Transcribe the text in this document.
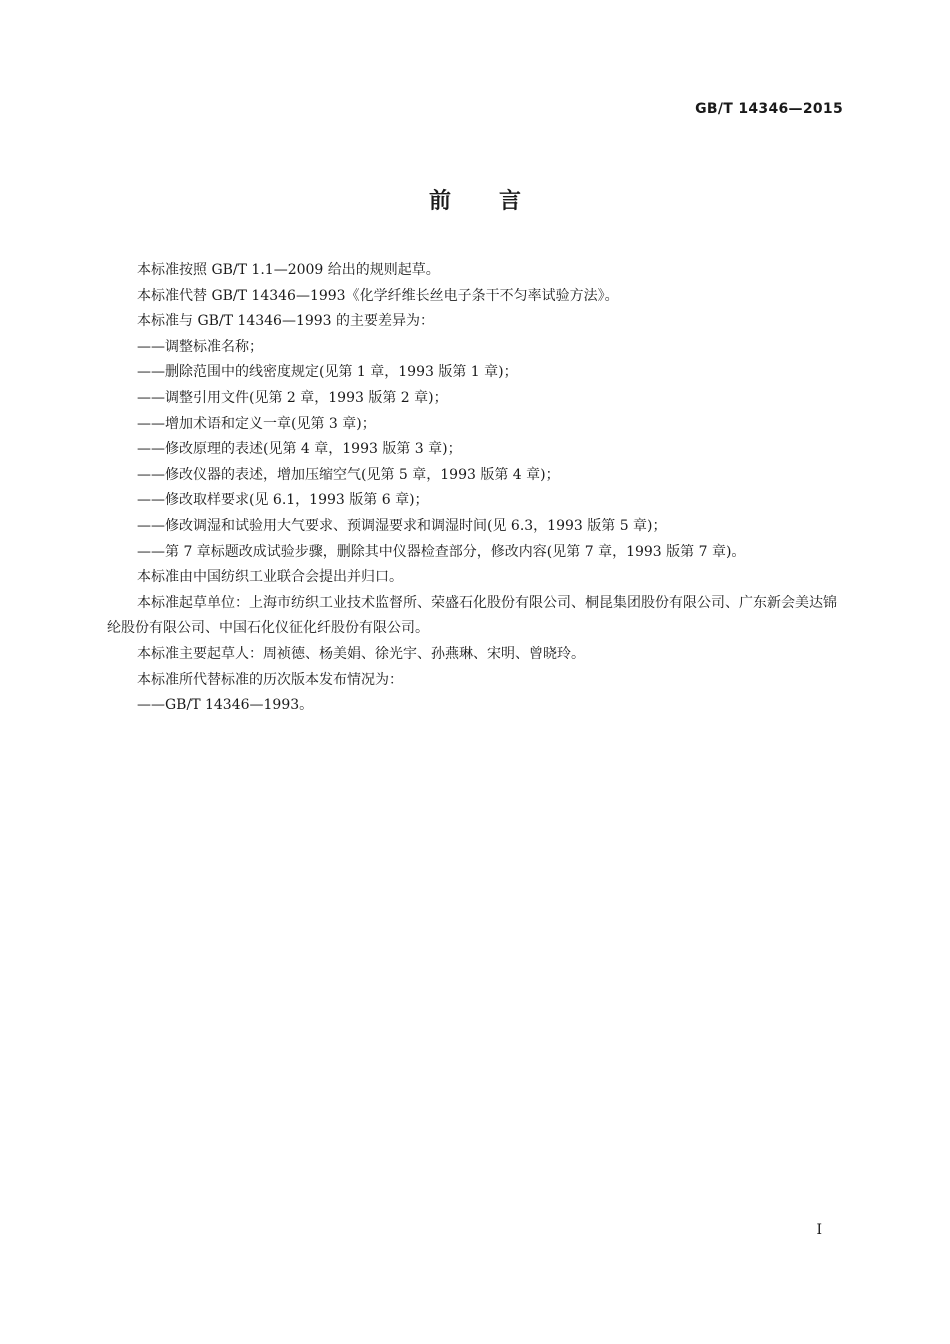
GB/T 14346—2015
前言

本标准按照 GB/T 1.1—2009 给出的规则起草。

本标准代替 GB/T 14346—1993《化学纤维长丝电子条干不匀率试验方法》。

本标准与 GB/T 14346—1993 的主要差异为：

——调整标准名称；

——删除范围中的线密度规定(见第 1 章，1993 版第 1 章)；

——调整引用文件(见第 2 章，1993 版第 2 章)；

——增加术语和定义一章(见第 3 章)；

——修改原理的表述(见第 4 章，1993 版第 3 章)；

——修改仪器的表述，增加压缩空气(见第 5 章，1993 版第 4 章)；

——修改取样要求(见 6.1，1993 版第 6 章)；

——修改调湿和试验用大气要求、预调湿要求和调湿时间(见 6.3，1993 版第 5 章)；

——第 7 章标题改成试验步骤，删除其中仪器检查部分，修改内容(见第 7 章，1993 版第 7 章)。

本标准由中国纺织工业联合会提出并归口。

本标准起草单位：上海市纺织工业技术监督所、荣盛石化股份有限公司、桐昆集团股份有限公司、广东新会美达锦纶股份有限公司、中国石化仪征化纤股份有限公司。

本标准主要起草人：周祯德、杨美娟、徐光宇、孙燕琳、宋明、曾晓玲。

本标准所代替标准的历次版本发布情况为：

——GB/T 14346—1993。

I
